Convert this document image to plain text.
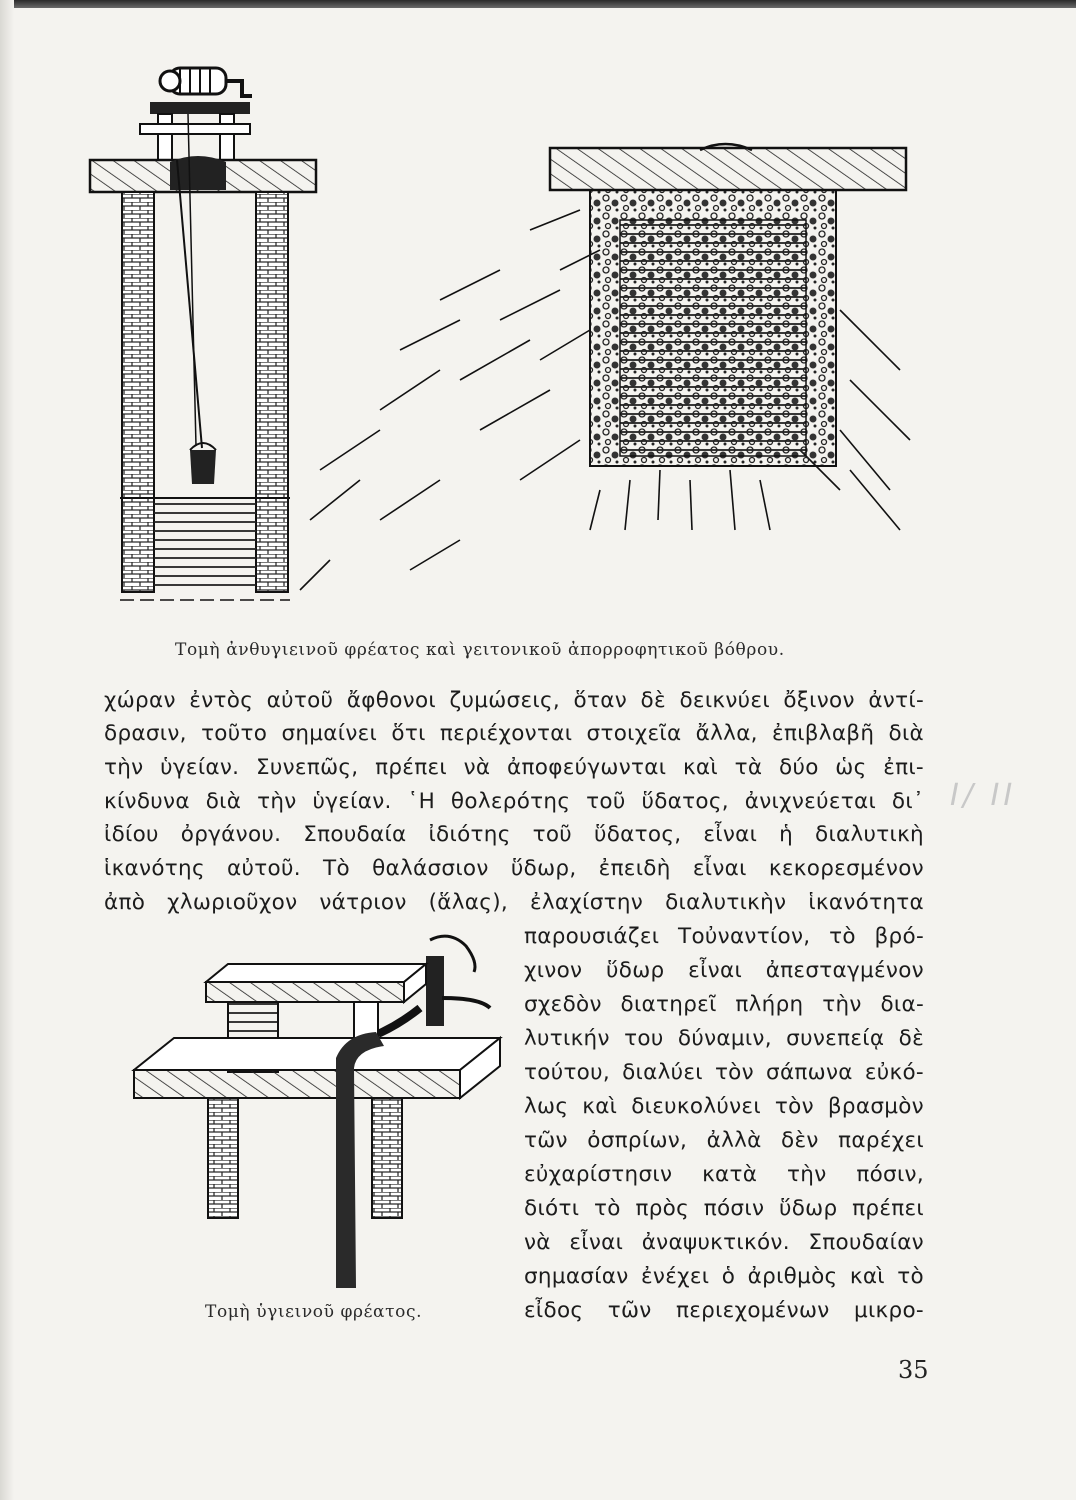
Τομὴ ἀνθυγιεινοῦ φρέατος καὶ γειτονικοῦ ἀπορροφητικοῦ βόθρου.
χώραν ἐντὸς αὐτοῦ ἄφθονοι ζυμώσεις, ὅταν δὲ δεικνύει ὄξινον ἀντί-
δρασιν, τοῦτο σημαίνει ὅτι περιέχονται στοιχεῖα ἄλλα, ἐπιβλαβῆ διὰ
τὴν ὑγείαν. Συνεπῶς, πρέπει νὰ ἀποφεύγωνται καὶ τὰ δύο ὡς ἐπι-
κίνδυνα διὰ τὴν ὑγείαν. ῾Η θολερότης τοῦ ὕδατος, ἀνιχνεύεται δι᾽
ἰδίου ὀργάνου. Σπουδαία ἰδιότης τοῦ ὕδατος, εἶναι ἡ διαλυτικὴ
ἱκανότης αὐτοῦ. Τὸ θαλάσσιον ὕδωρ, ἐπειδὴ εἶναι κεκορεσμένον
ἀπὸ χλωριοῦχον νάτριον (ἅλας), ἐλαχίστην διαλυτικὴν ἱκανότητα
I/ II
Τομὴ ὑγιεινοῦ φρέατος.
παρουσιάζει Τοὐναντίον, τὸ βρό-
χινον ὕδωρ εἶναι ἀπεσταγμένον
σχεδὸν διατηρεῖ πλήρη τὴν δια-
λυτικήν του δύναμιν, συνεπείᾳ δὲ
τούτου, διαλύει τὸν σάπωνα εὐκό-
λως καὶ διευκολύνει τὸν βρασμὸν
τῶν ὀσπρίων, ἀλλὰ δὲν παρέχει
εὐχαρίστησιν κατὰ τὴν πόσιν,
διότι τὸ πρὸς πόσιν ὕδωρ πρέπει
νὰ εἶναι ἀναψυκτικόν. Σπουδαίαν
σημασίαν ἐνέχει ὁ ἀριθμὸς καὶ τὸ
εἶδος τῶν περιεχομένων μικρο-
35
